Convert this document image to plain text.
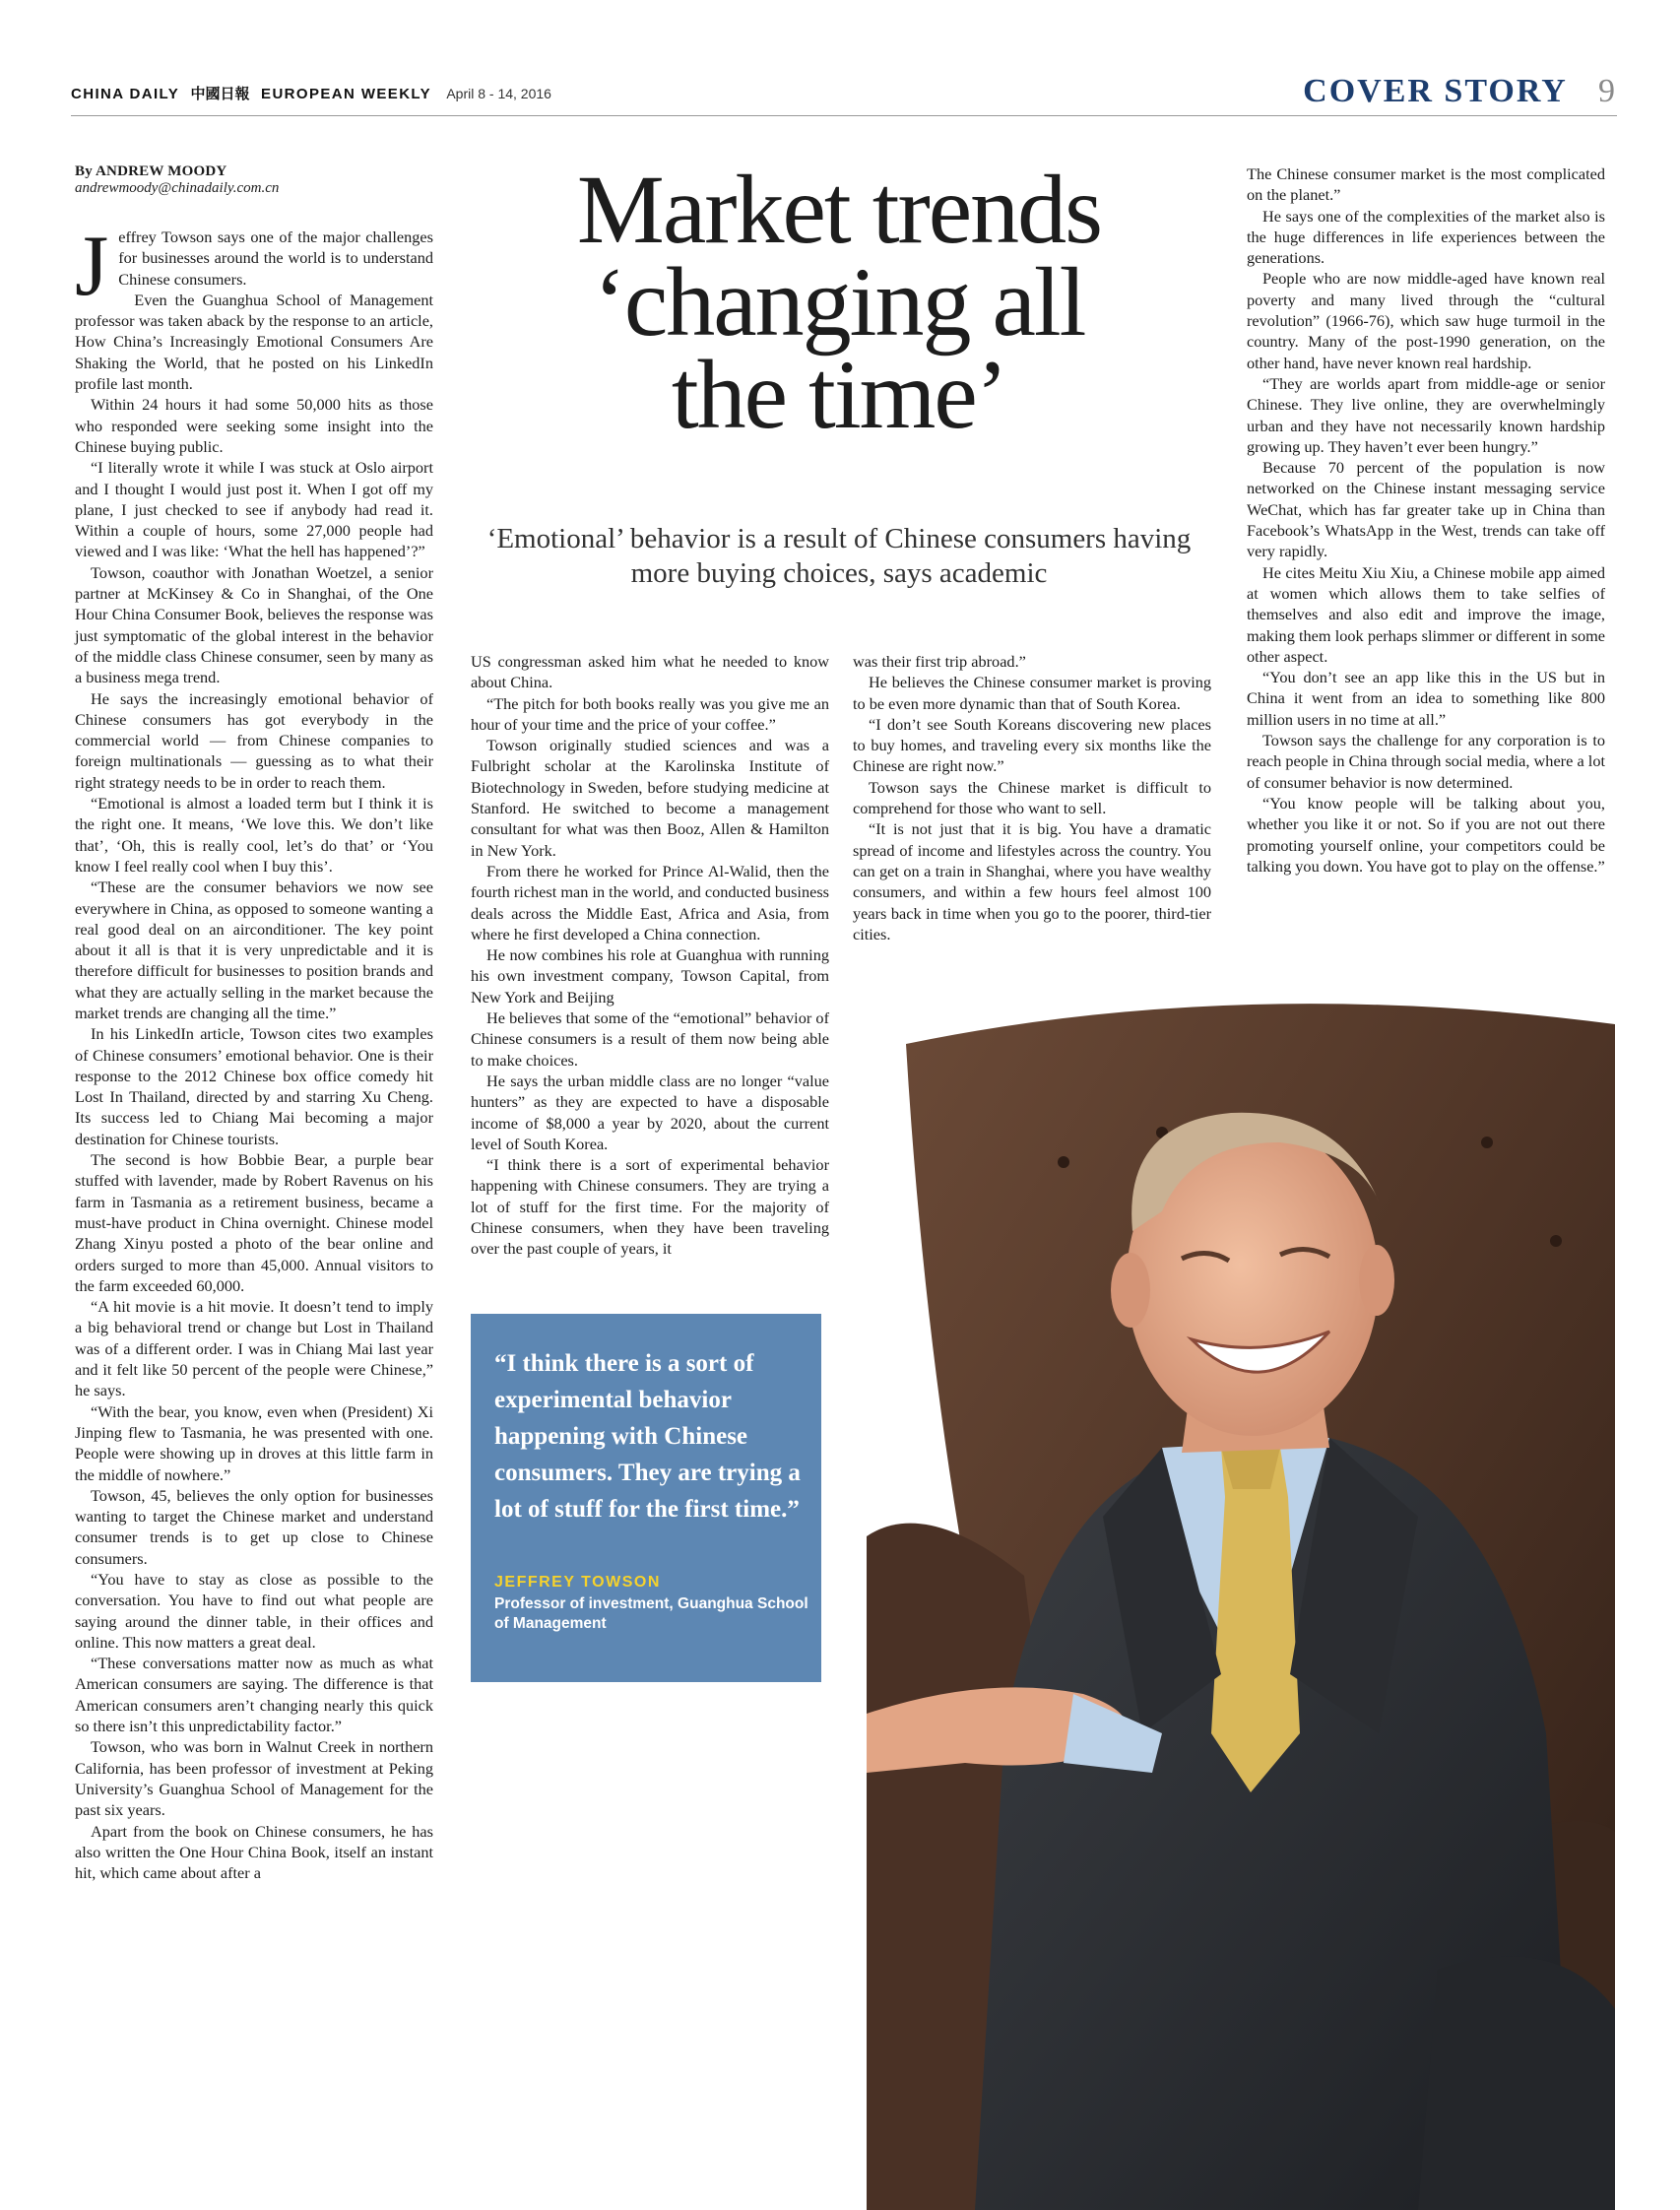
CHINA DAILY 中國日報 EUROPEAN WEEKLY April 8 - 14, 2016	COVER STORY 9
By ANDREW MOODY
andrewmoody@chinadaily.com.cn

Jeffrey Towson says one of the major challenges for businesses around the world is to understand Chinese consumers.

Even the Guanghua School of Management professor was taken aback by the response to an article, How China’s Increasingly Emotional Consumers Are Shaking the World, that he posted on his LinkedIn profile last month.

Within 24 hours it had some 50,000 hits as those who responded were seeking some insight into the Chinese buying public.

“I literally wrote it while I was stuck at Oslo airport and I thought I would just post it. When I got off my plane, I just checked to see if anybody had read it. Within a couple of hours, some 27,000 people had viewed and I was like: ‘What the hell has happened’?”

Towson, coauthor with Jonathan Woetzel, a senior partner at McKinsey & Co in Shanghai, of the One Hour China Consumer Book, believes the response was just symptomatic of the global interest in the behavior of the middle class Chinese consumer, seen by many as a business mega trend.

He says the increasingly emotional behavior of Chinese consumers has got everybody in the commercial world — from Chinese companies to foreign multinationals — guessing as to what their right strategy needs to be in order to reach them.

“Emotional is almost a loaded term but I think it is the right one. It means, ‘We love this. We don’t like that’, ‘Oh, this is really cool, let’s do that’ or ‘You know I feel really cool when I buy this’.

“These are the consumer behaviors we now see everywhere in China, as opposed to someone wanting a real good deal on an airconditioner. The key point about it all is that it is very unpredictable and it is therefore difficult for businesses to position brands and what they are actually selling in the market because the market trends are changing all the time.”

In his LinkedIn article, Towson cites two examples of Chinese consumers’ emotional behavior. One is their response to the 2012 Chinese box office comedy hit Lost In Thailand, directed by and starring Xu Cheng. Its success led to Chiang Mai becoming a major destination for Chinese tourists.

The second is how Bobbie Bear, a purple bear stuffed with lavender, made by Robert Ravenus on his farm in Tasmania as a retirement business, became a must-have product in China overnight. Chinese model Zhang Xinyu posted a photo of the bear online and orders surged to more than 45,000. Annual visitors to the farm exceeded 60,000.

“A hit movie is a hit movie. It doesn’t tend to imply a big behavioral trend or change but Lost in Thailand was of a different order. I was in Chiang Mai last year and it felt like 50 percent of the people were Chinese,” he says.

“With the bear, you know, even when (President) Xi Jinping flew to Tasmania, he was presented with one. People were showing up in droves at this little farm in the middle of nowhere.”

Towson, 45, believes the only option for businesses wanting to target the Chinese market and understand consumer trends is to get up close to Chinese consumers.

“You have to stay as close as possible to the conversation. You have to find out what people are saying around the dinner table, in their offices and online. This now matters a great deal.

“These conversations matter now as much as what American consumers are saying. The difference is that American consumers aren’t changing nearly this quick so there isn’t this unpredictability factor.”

Towson, who was born in Walnut Creek in northern California, has been professor of investment at Peking University’s Guanghua School of Management for the past six years.

Apart from the book on Chinese consumers, he has also written the One Hour China Book, itself an instant hit, which came about after a

Market trends
‘changing all
the time’
‘Emotional’ behavior is a result of Chinese consumers having more buying choices, says academic

US congressman asked him what he needed to know about China.

“The pitch for both books really was you give me an hour of your time and the price of your coffee.”

Towson originally studied sciences and was a Fulbright scholar at the Karolinska Institute of Biotechnology in Sweden, before studying medicine at Stanford. He switched to become a management consultant for what was then Booz, Allen & Hamilton in New York.

From there he worked for Prince Al-Walid, then the fourth richest man in the world, and conducted business deals across the Middle East, Africa and Asia, from where he first developed a China connection.

He now combines his role at Guanghua with running his own investment company, Towson Capital, from New York and Beijing

He believes that some of the “emotional” behavior of Chinese consumers is a result of them now being able to make choices.

He says the urban middle class are no longer “value hunters” as they are expected to have a disposable income of $8,000 a year by 2020, about the current level of South Korea.

“I think there is a sort of experimental behavior happening with Chinese consumers. They are trying a lot of stuff for the first time. For the majority of Chinese consumers, when they have been traveling over the past couple of years, it

was their first trip abroad.”

He believes the Chinese consumer market is proving to be even more dynamic than that of South Korea.

“I don’t see South Koreans discovering new places to buy homes, and traveling every six months like the Chinese are right now.”

Towson says the Chinese market is difficult to comprehend for those who want to sell.

“It is not just that it is big. You have a dramatic spread of income and lifestyles across the country. You can get on a train in Shanghai, where you have wealthy consumers, and within a few hours feel almost 100 years back in time when you go to the poorer, third-tier cities.

The Chinese consumer market is the most complicated on the planet.”

He says one of the complexities of the market also is the huge differences in life experiences between the generations.

People who are now middle-aged have known real poverty and many lived through the “cultural revolution” (1966-76), which saw huge turmoil in the country. Many of the post-1990 generation, on the other hand, have never known real hardship.

“They are worlds apart from middle-age or senior Chinese. They live online, they are overwhelmingly urban and they have not necessarily known hardship growing up. They haven’t ever been hungry.”

Because 70 percent of the population is now networked on the Chinese instant messaging service WeChat, which has far greater take up in China than Facebook’s WhatsApp in the West, trends can take off very rapidly.

He cites Meitu Xiu Xiu, a Chinese mobile app aimed at women which allows them to take selfies of themselves and also edit and improve the image, making them look perhaps slimmer or different in some other aspect.

“You don’t see an app like this in the US but in China it went from an idea to something like 800 million users in no time at all.”

Towson says the challenge for any corporation is to reach people in China through social media, where a lot of consumer behavior is now determined.

“You know people will be talking about you, whether you like it or not. So if you are not out there promoting yourself online, your competitors could be talking you down. You have got to play on the offense.”

“I think there is a sort of experimental behavior happening with Chinese consumers. They are trying a lot of stuff for the first time.”
JEFFREY TOWSON
Professor of investment, Guanghua School of Management
